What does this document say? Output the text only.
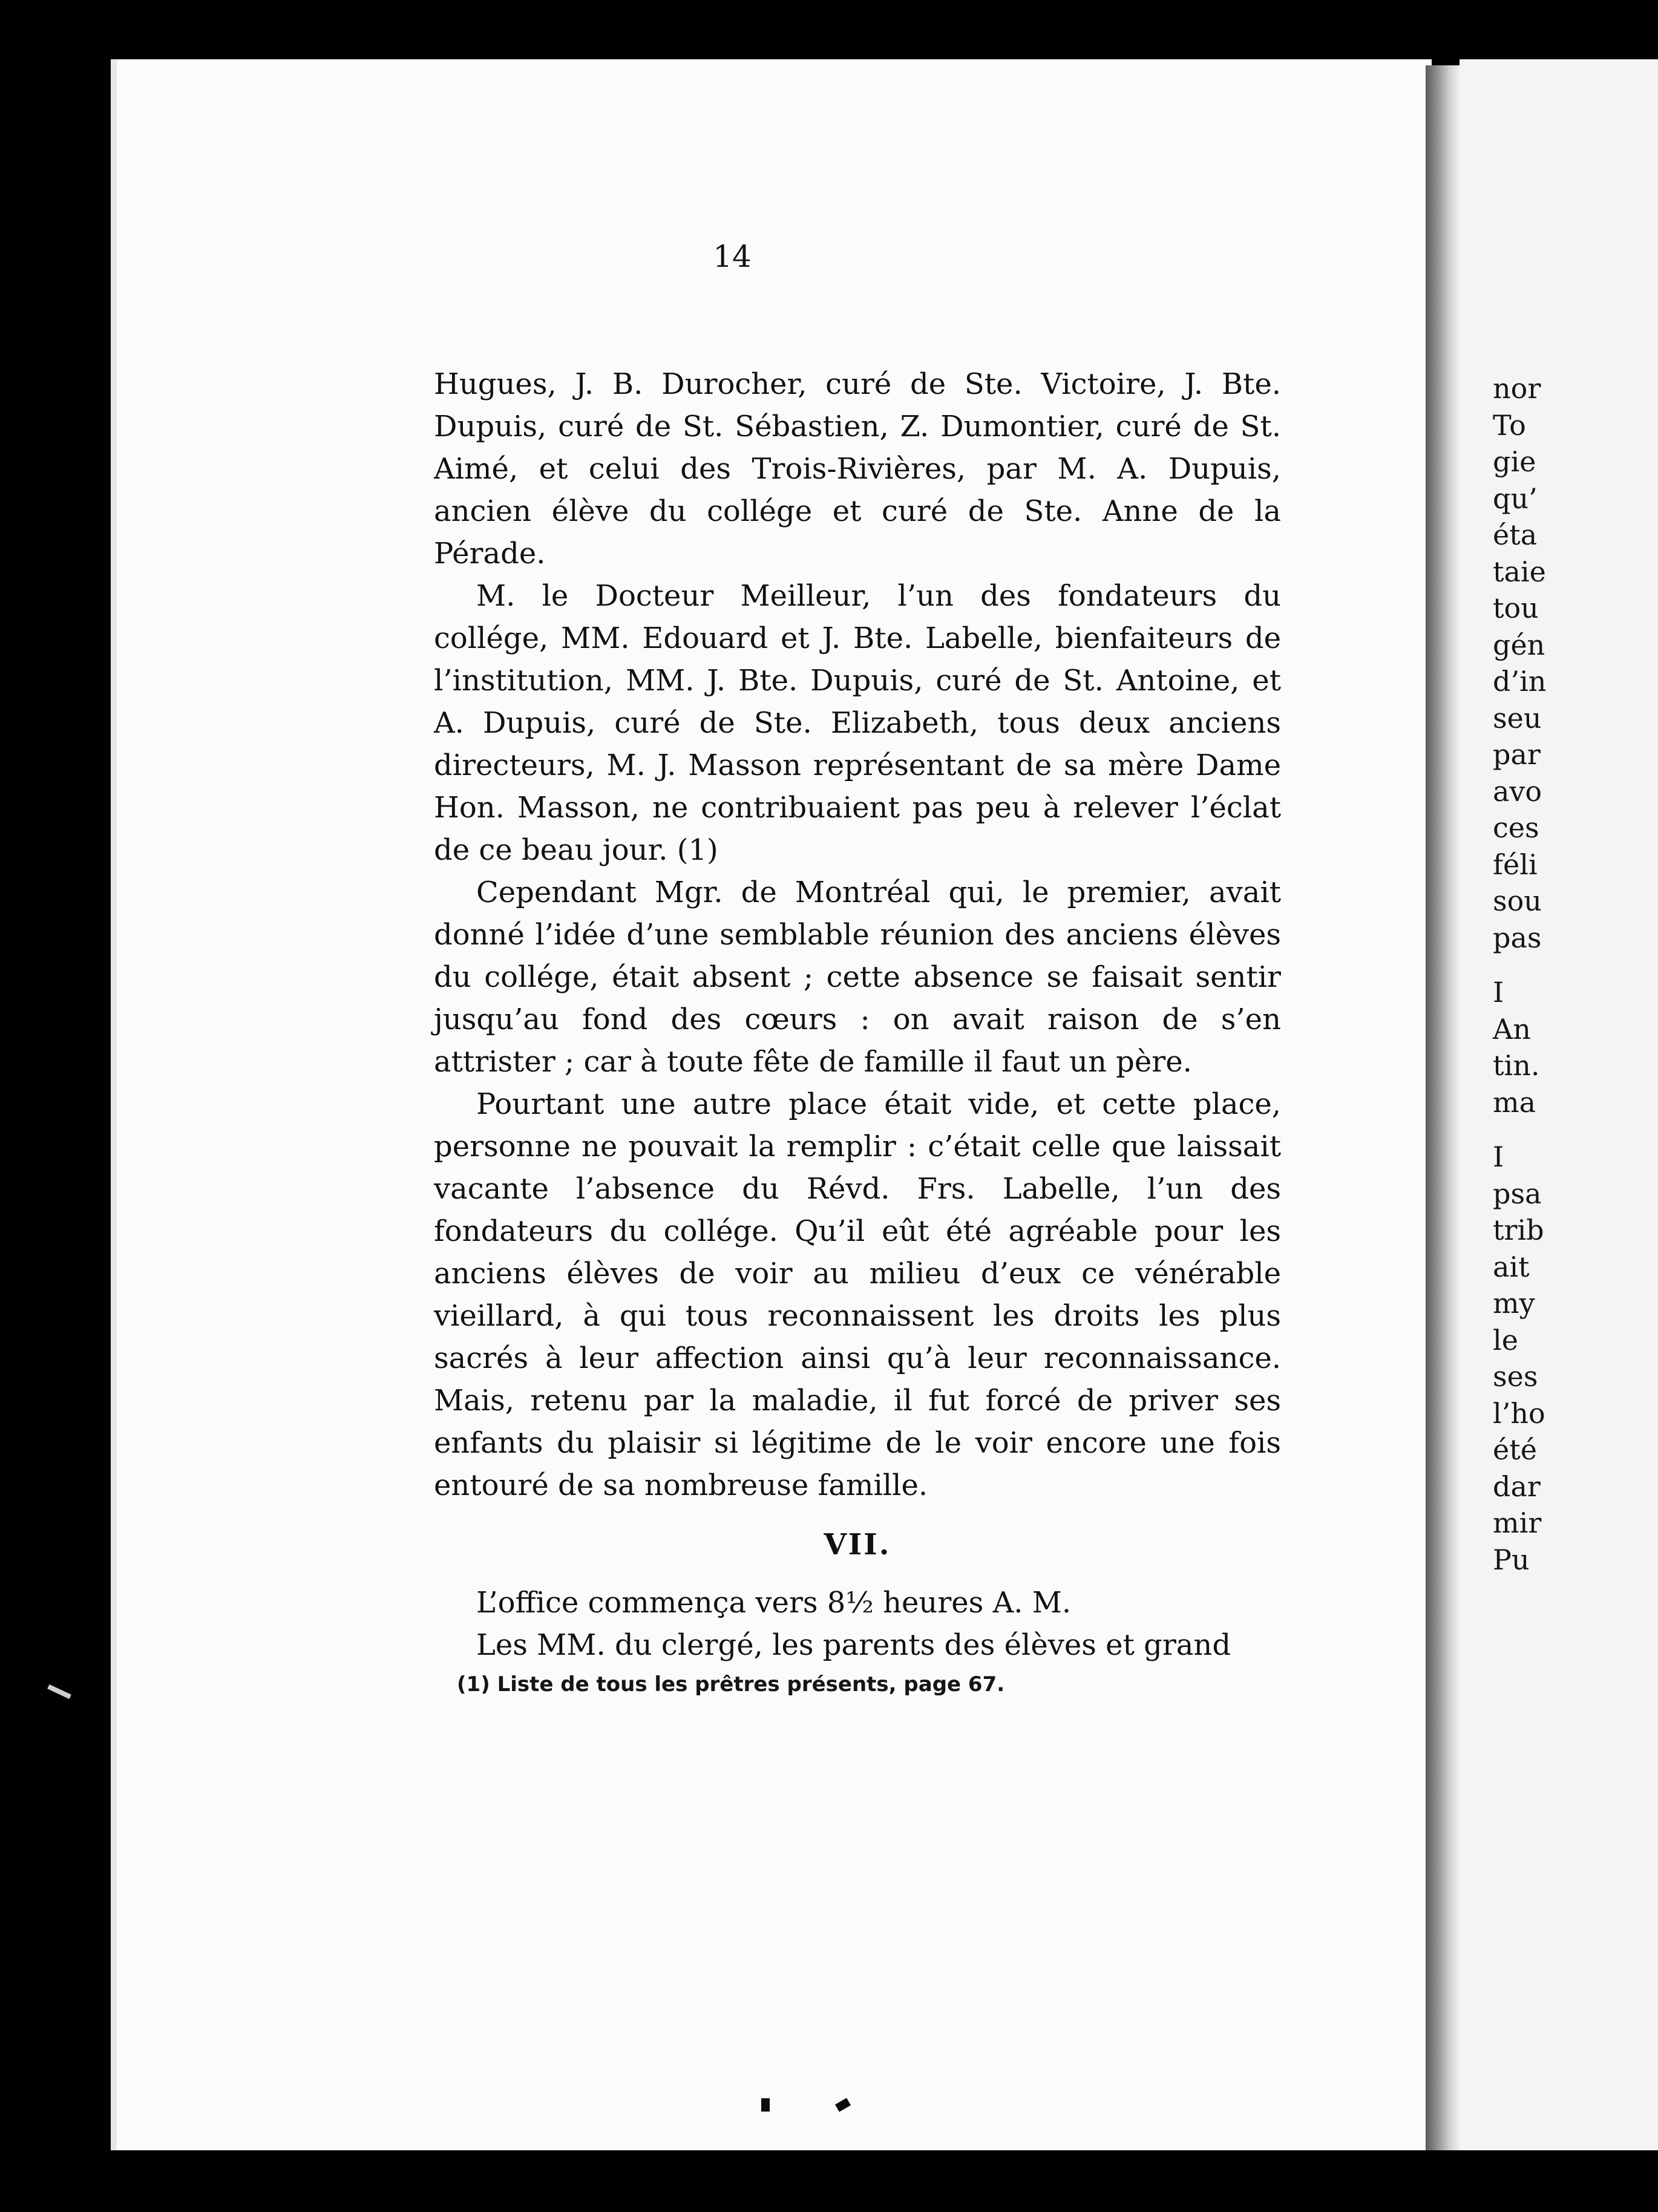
14

Hugues, J. B. Durocher, curé de Ste. Victoire, J. Bte. Dupuis, curé de St. Sébastien, Z. Dumontier, curé de St. Aimé, et celui des Trois-Rivières, par M. A. Dupuis, ancien élève du collége et curé de Ste. Anne de la Pérade.

M. le Docteur Meilleur, l’un des fondateurs du collége, MM. Edouard et J. Bte. Labelle, bienfaiteurs de l’institution, MM. J. Bte. Dupuis, curé de St. Antoine, et A. Dupuis, curé de Ste. Elizabeth, tous deux anciens directeurs, M. J. Masson représentant de sa mère Dame Hon. Masson, ne contribuaient pas peu à relever l’éclat de ce beau jour. (1)

Cependant Mgr. de Montréal qui, le premier, avait donné l’idée d’une semblable réunion des anciens élèves du collége, était absent ; cette absence se faisait sentir jusqu’au fond des cœurs : on avait raison de s’en attrister ; car à toute fête de famille il faut un père.

Pourtant une autre place était vide, et cette place, personne ne pouvait la remplir : c’était celle que laissait vacante l’absence du Révd. Frs. Labelle, l’un des fondateurs du collége. Qu’il eût été agréable pour les anciens élèves de voir au milieu d’eux ce vénérable vieillard, à qui tous reconnaissent les droits les plus sacrés à leur affection ainsi qu’à leur reconnaissance. Mais, retenu par la maladie, il fut forcé de priver ses enfants du plaisir si légitime de le voir encore une fois entouré de sa nombreuse famille.

VII.

L’office commença vers 8½ heures A. M.

Les MM. du clergé, les parents des élèves et grand

(1) Liste de tous les prêtres présents, page 67.
nor
To
gie
qu’
éta
taie
tou
gén
d’in
seu
par
avo
ces
féli
sou
pas
I
An
tin.
ma
I
psa
trib
ait
my
le
ses
l’ho
été
dar
mir
Pu
